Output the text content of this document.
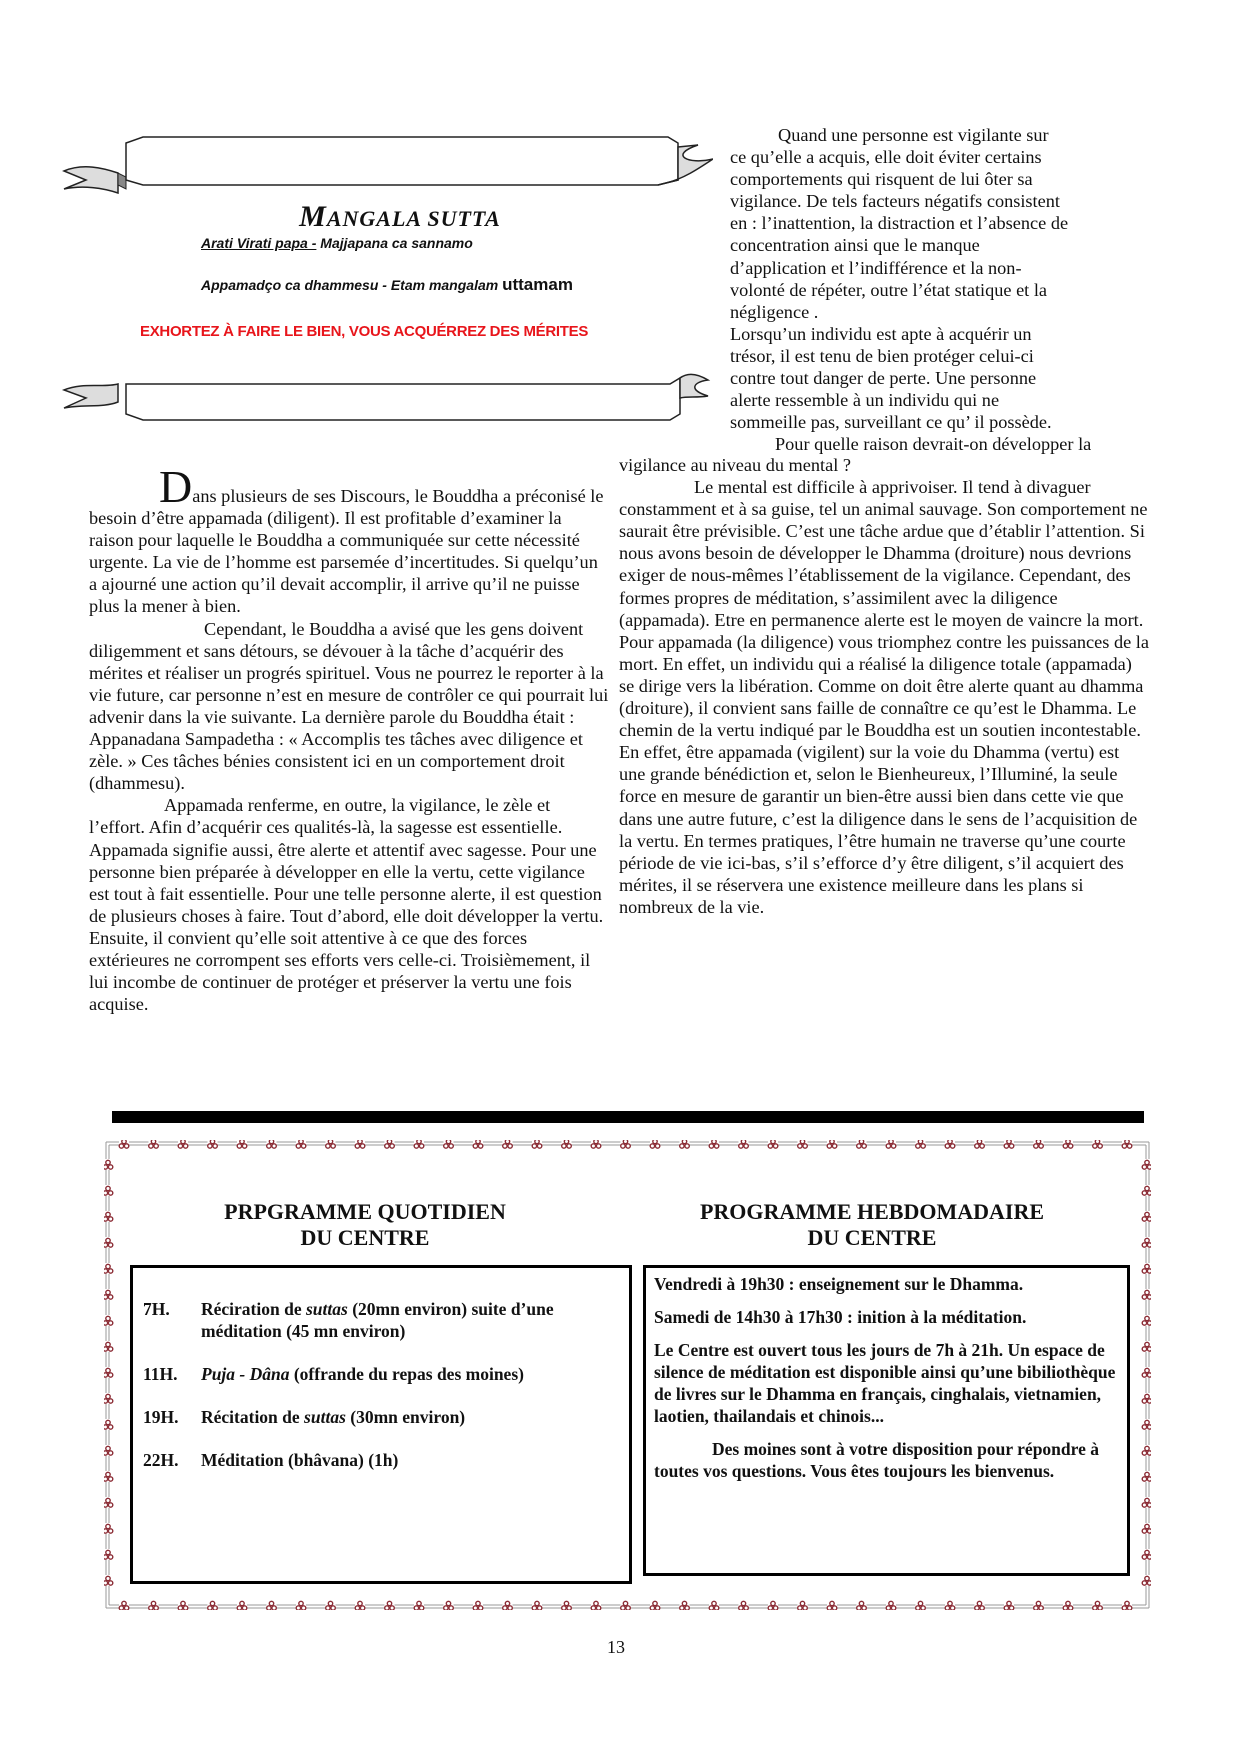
MANGALA SUTTA
Arati Virati papa - Majjapana ca sannamo
Appamadço ca dhammesu - Etam mangalam uttamam
EXHORTEZ À FAIRE LE BIEN, VOUS ACQUÉRREZ DES MÉRITES
Quand une personne est vigilante sur
ce qu’elle a acquis, elle doit éviter certains
comportements qui risquent de lui ôter sa
vigilance. De tels facteurs négatifs consistent
en : l’inattention, la distraction et l’absence de
concentration ainsi que le manque
d’application et l’indifférence et la non-
volonté de répéter, outre l’état statique et la
négligence .
Lorsqu’un individu est apte à acquérir un
trésor, il est tenu de bien protéger celui-ci
contre tout danger de perte. Une personne
alerte ressemble à un individu qui ne
sommeille pas, surveillant ce qu’ il possède.
Pour quelle raison devrait-on développer la

Dans plusieurs de ses Discours, le Bouddha a préconisé le besoin d’être appamada (diligent). Il est profitable d’examiner la raison pour laquelle le Bouddha a communiquée sur cette nécessité urgente. La vie de l’homme est parsemée d’incertitudes. Si quelqu’un a ajourné une action qu’il devait accomplir, il arrive qu’il ne puisse plus la mener à bien.

Cependant, le Bouddha a avisé que les gens doivent diligemment et sans détours, se dévouer à la tâche d’acquérir des mérites et réaliser un progrés spirituel. Vous ne pourrez le reporter à la vie future, car personne n’est en mesure de contrôler ce qui pourrait lui advenir dans la vie suivante. La dernière parole du Bouddha était : Appanadana Sampadetha : « Accomplis tes tâches avec diligence et zèle. » Ces tâches bénies consistent ici en un comportement droit (dhammesu).

Appamada renferme, en outre, la vigilance, le zèle et l’effort. Afin d’acquérir ces qualités-là, la sagesse est essentielle. Appamada signifie aussi, être alerte et attentif avec sagesse. Pour une personne bien préparée à développer en elle la vertu, cette vigilance est tout à fait essentielle. Pour une telle personne alerte, il est question de plusieurs choses à faire. Tout d’abord, elle doit développer la vertu. Ensuite, il convient qu’elle soit attentive à ce que des forces extérieures ne corrompent ses efforts vers celle-ci. Troisièmement, il lui incombe de continuer de protéger et préserver la vertu une fois acquise.

vigilance au niveau du mental ?

Le mental est difficile à apprivoiser. Il tend à divaguer constamment et à sa guise, tel un animal sauvage. Son comportement ne saurait être prévisible. C’est une tâche ardue que d’établir l’attention. Si nous avons besoin de développer le Dhamma (droiture) nous devrions exiger de nous-mêmes l’établissement de la vigilance. Cependant, des formes propres de méditation, s’assimilent avec la diligence (appamada). Etre en permanence alerte est le moyen de vaincre la mort. Pour appamada (la diligence) vous triomphez contre les puissances de la mort. En effet, un individu qui a réalisé la diligence totale (appamada) se dirige vers la libération. Comme on doit être alerte quant au dhamma (droiture), il convient sans faille de connaître ce qu’est le Dhamma. Le chemin de la vertu indiqué par le Bouddha est un soutien incontestable. En effet, être appamada (vigilent) sur la voie du Dhamma (vertu) est une grande bénédiction et, selon le Bienheureux, l’Illuminé, la seule force en mesure de garantir un bien-être aussi bien dans cette vie que dans une autre future, c’est la diligence dans le sens de l’acquisition de la vertu. En termes pratiques, l’être humain ne traverse qu’une courte période de vie ici-bas, s’il s’efforce d’y être diligent, s’il acquiert des mérites, il se réservera une existence meilleure dans les plans si nombreux de la vie.

PRPGRAMME QUOTIDIEN
DU CENTRE
PROGRAMME HEBDOMADAIRE
DU CENTRE
7H.	Réciration de suttas (20mn environ) suite d’une méditation (45 mn environ)
11H.	Puja - Dâna (offrande du repas des moines)
19H.	Récitation de suttas (30mn environ)
22H.	Méditation (bhâvana) (1h)

Vendredi à 19h30 : enseignement sur le Dhamma.

Samedi de 14h30 à 17h30 : inition à la méditation.

Le Centre est ouvert tous les jours de 7h à 21h. Un espace de silence de méditation est disponible ainsi qu’une bibiliothèque de livres sur le Dhamma en français, cinghalais, vietnamien, laotien, thailandais et chinois...

Des moines sont à votre disposition pour répondre à toutes vos questions. Vous êtes toujours les bienvenus.

13
